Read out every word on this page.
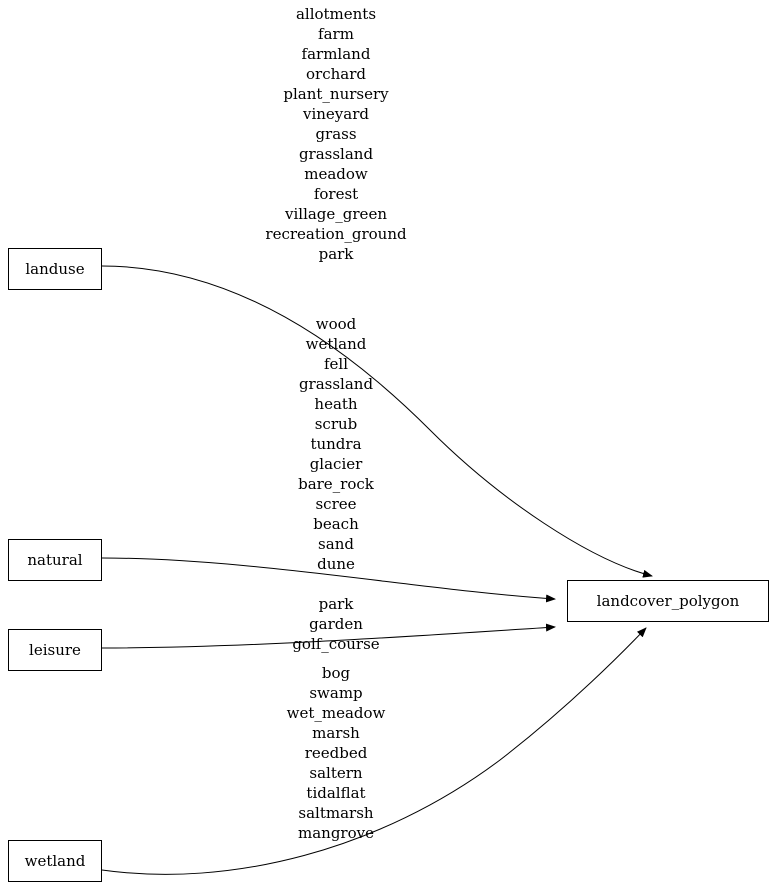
landuse
natural
leisure
wetland
landcover_polygon
allotments
farm
farmland
orchard
plant_nursery
vineyard
grass
grassland
meadow
forest
village_green
recreation_ground
park
wood
wetland
fell
grassland
heath
scrub
tundra
glacier
bare_rock
scree
beach
sand
dune
park
garden
golf_course
bog
swamp
wet_meadow
marsh
reedbed
saltern
tidalflat
saltmarsh
mangrove
